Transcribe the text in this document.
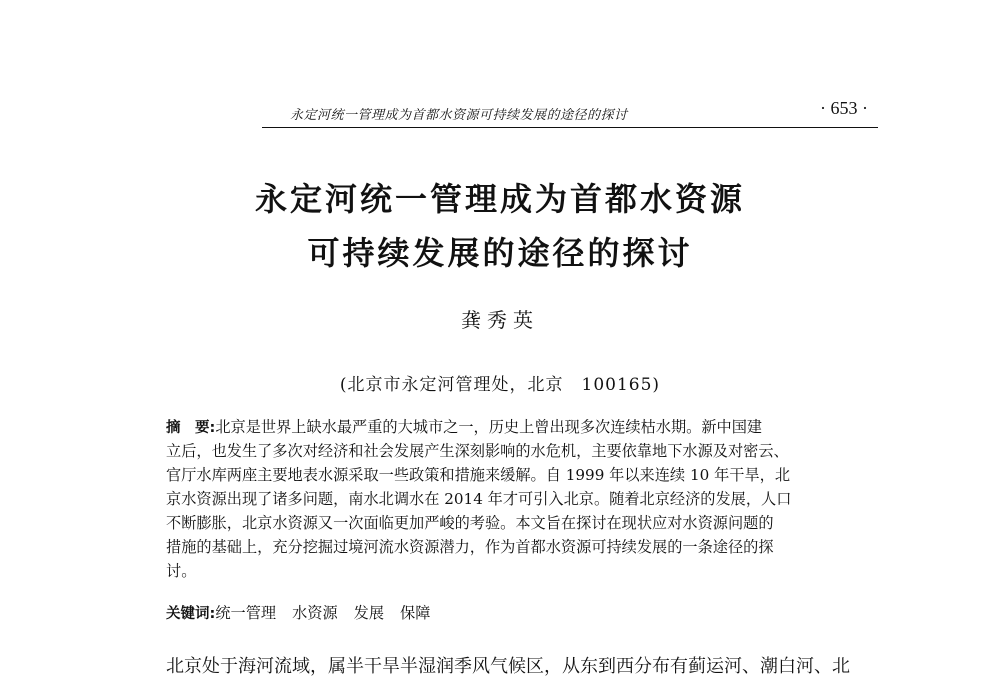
永定河统一管理成为首都水资源可持续发展的途径的探讨	· 653 ·
永定河统一管理成为首都水资源
可持续发展的途径的探讨
龚秀英
(北京市永定河管理处，北京　100165)
摘　要:北京是世界上缺水最严重的大城市之一，历史上曾出现多次连续枯水期。新中国建
立后，也发生了多次对经济和社会发展产生深刻影响的水危机，主要依靠地下水源及对密云、
官厅水库两座主要地表水源采取一些政策和措施来缓解。自 1999 年以来连续 10 年干旱，北
京水资源出现了诸多问题，南水北调水在 2014 年才可引入北京。随着北京经济的发展，人口
不断膨胀，北京水资源又一次面临更加严峻的考验。本文旨在探讨在现状应对水资源问题的
措施的基础上，充分挖掘过境河流水资源潜力，作为首都水资源可持续发展的一条途径的探
讨。
关键词:统一管理 水资源 发展 保障
北京处于海河流域，属半干旱半湿润季风气候区，从东到西分布有蓟运河、潮白河、北
